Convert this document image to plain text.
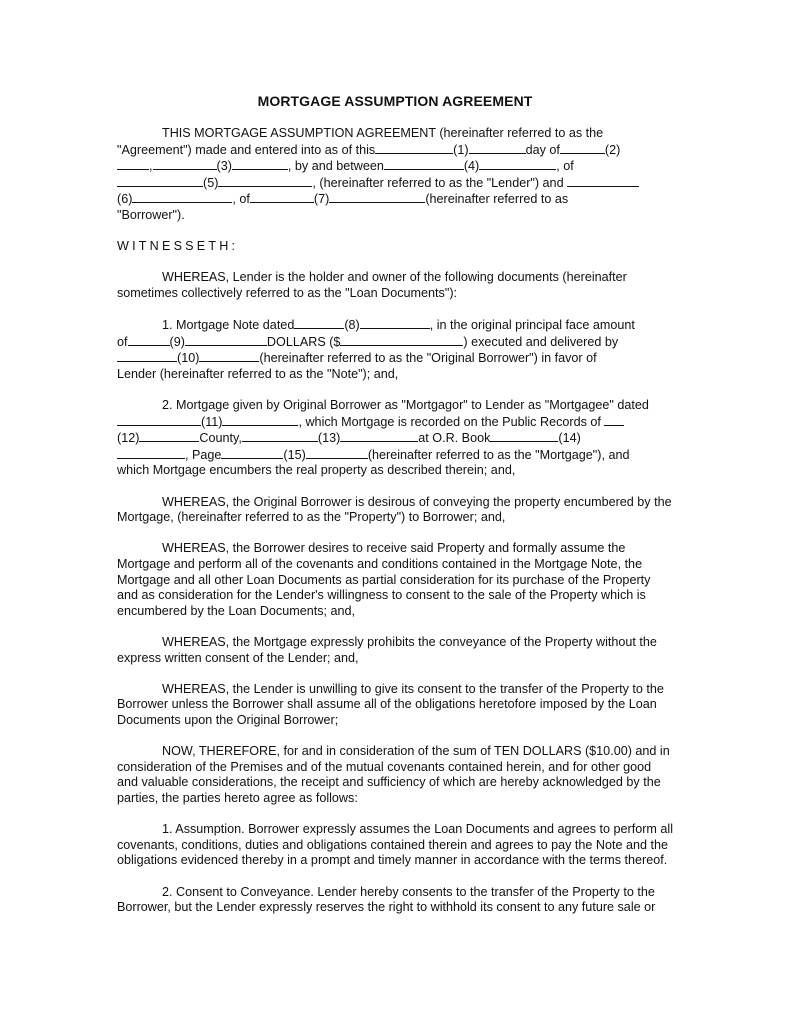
MORTGAGE ASSUMPTION AGREEMENT
THIS MORTGAGE ASSUMPTION AGREEMENT (hereinafter referred to as the
"Agreement") made and entered into as of this	(1)	day of	(2)
,	(3)	, by and between	(4)	, of
(5)	, (hereinafter referred to as the "Lender") and
(6)	, of	(7)	(hereinafter referred to as
"Borrower").

WITNESSETH:

WHEREAS, Lender is the holder and owner of the following documents (hereinafter sometimes collectively referred to as the "Loan Documents"):

1. Mortgage Note dated	(8)	, in the original principal face amount
of	(9)	DOLLARS ($	) executed and delivered by
(10)	(hereinafter referred to as the "Original Borrower") in favor of
Lender (hereinafter referred to as the "Note"); and,
2. Mortgage given by Original Borrower as "Mortgagor" to Lender as "Mortgagee" dated
(11)	, which Mortgage is recorded on the Public Records of
(12)	County,	(13)	at O.R. Book	(14)
, Page	(15)	(hereinafter referred to as the "Mortgage"), and
which Mortgage encumbers the real property as described therein; and,

WHEREAS, the Original Borrower is desirous of conveying the property encumbered by the Mortgage, (hereinafter referred to as the "Property") to Borrower; and,

WHEREAS, the Borrower desires to receive said Property and formally assume the Mortgage and perform all of the covenants and conditions contained in the Mortgage Note, the Mortgage and all other Loan Documents as partial consideration for its purchase of the Property and as consideration for the Lender's willingness to consent to the sale of the Property which is encumbered by the Loan Documents; and,

WHEREAS, the Mortgage expressly prohibits the conveyance of the Property without the express written consent of the Lender; and,

WHEREAS, the Lender is unwilling to give its consent to the transfer of the Property to the Borrower unless the Borrower shall assume all of the obligations heretofore imposed by the Loan Documents upon the Original Borrower;

NOW, THEREFORE, for and in consideration of the sum of TEN DOLLARS ($10.00) and in consideration of the Premises and of the mutual covenants contained herein, and for other good and valuable considerations, the receipt and sufficiency of which are hereby acknowledged by the parties, the parties hereto agree as follows:

1. Assumption. Borrower expressly assumes the Loan Documents and agrees to perform all covenants, conditions, duties and obligations contained therein and agrees to pay the Note and the obligations evidenced thereby in a prompt and timely manner in accordance with the terms thereof.

2. Consent to Conveyance. Lender hereby consents to the transfer of the Property to the Borrower, but the Lender expressly reserves the right to withhold its consent to any future sale or
